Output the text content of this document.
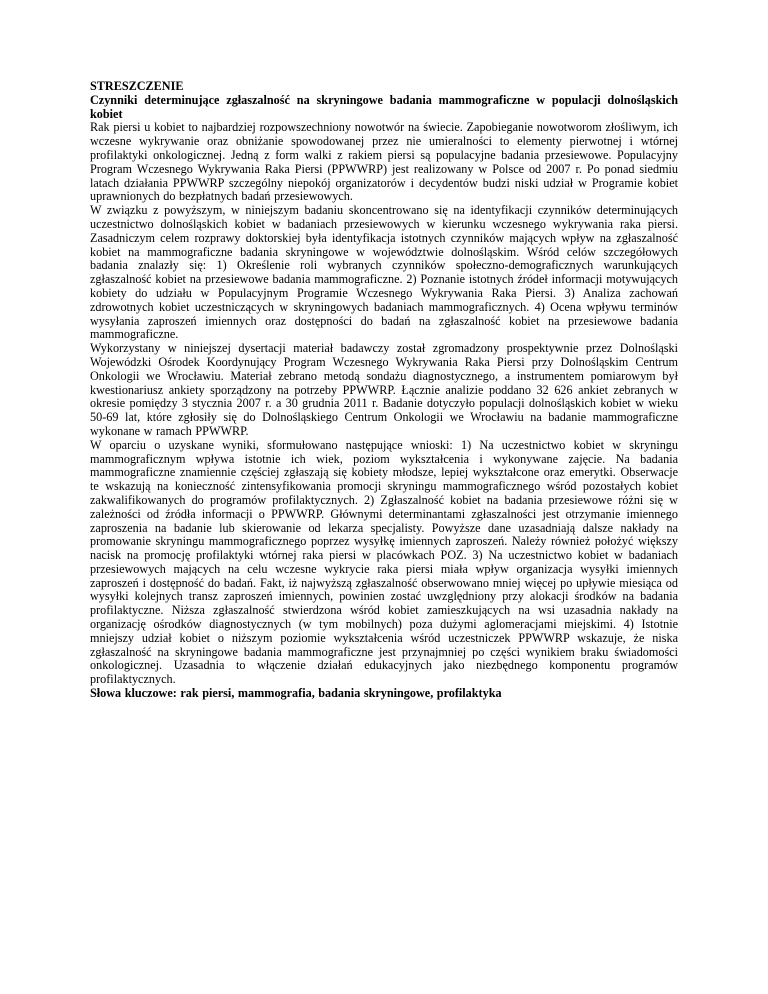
STRESZCZENIE

Czynniki determinujące zgłaszalność na skryningowe badania mammograficzne w populacji dolnośląskich kobiet

Rak piersi u kobiet to najbardziej rozpowszechniony nowotwór na świecie. Zapobieganie nowotworom złośliwym, ich wczesne wykrywanie oraz obniżanie spowodowanej przez nie umieralności to elementy pierwotnej i wtórnej profilaktyki onkologicznej. Jedną z form walki z rakiem piersi są populacyjne badania przesiewowe. Populacyjny Program Wczesnego Wykrywania Raka Piersi (PPWWRP) jest realizowany w Polsce od 2007 r. Po ponad siedmiu latach działania PPWWRP szczególny niepokój organizatorów i decydentów budzi niski udział w Programie kobiet uprawnionych do bezpłatnych badań przesiewowych.

W związku z powyższym, w niniejszym badaniu skoncentrowano się na identyfikacji czynników determinujących uczestnictwo dolnośląskich kobiet w badaniach przesiewowych w kierunku wczesnego wykrywania raka piersi. Zasadniczym celem rozprawy doktorskiej była identyfikacja istotnych czynników mających wpływ na zgłaszalność kobiet na mammograficzne badania skryningowe w województwie dolnośląskim. Wśród celów szczegółowych badania znalazły się: 1) Określenie roli wybranych czynników społeczno-demograficznych warunkujących zgłaszalność kobiet na przesiewowe badania mammograficzne. 2) Poznanie istotnych źródeł informacji motywujących kobiety do udziału w Populacyjnym Programie Wczesnego Wykrywania Raka Piersi. 3) Analiza zachowań zdrowotnych kobiet uczestniczących w skryningowych badaniach mammograficznych. 4) Ocena wpływu terminów wysyłania zaproszeń imiennych oraz dostępności do badań na zgłaszalność kobiet na przesiewowe badania mammograficzne.

Wykorzystany w niniejszej dysertacji materiał badawczy został zgromadzony prospektywnie przez Dolnośląski Wojewódzki Ośrodek Koordynujący Program Wczesnego Wykrywania Raka Piersi przy Dolnośląskim Centrum Onkologii we Wrocławiu. Materiał zebrano metodą sondażu diagnostycznego, a instrumentem pomiarowym był kwestionariusz ankiety sporządzony na potrzeby PPWWRP. Łącznie analizie poddano 32 626 ankiet zebranych w okresie pomiędzy 3 stycznia 2007 r. a 30 grudnia 2011 r. Badanie dotyczyło populacji dolnośląskich kobiet w wieku 50-69 lat, które zgłosiły się do Dolnośląskiego Centrum Onkologii we Wrocławiu na badanie mammograficzne wykonane w ramach PPWWRP.

W oparciu o uzyskane wyniki, sformułowano następujące wnioski: 1) Na uczestnictwo kobiet w skryningu mammograficznym wpływa istotnie ich wiek, poziom wykształcenia i wykonywane zajęcie. Na badania mammograficzne znamiennie częściej zgłaszają się kobiety młodsze, lepiej wykształcone oraz emerytki. Obserwacje te wskazują na konieczność zintensyfikowania promocji skryningu mammograficznego wśród pozostałych kobiet zakwalifikowanych do programów profilaktycznych. 2) Zgłaszalność kobiet na badania przesiewowe różni się w zależności od źródła informacji o PPWWRP. Głównymi determinantami zgłaszalności jest otrzymanie imiennego zaproszenia na badanie lub skierowanie od lekarza specjalisty. Powyższe dane uzasadniają dalsze nakłady na promowanie skryningu mammograficznego poprzez wysyłkę imiennych zaproszeń. Należy również położyć większy nacisk na promocję profilaktyki wtórnej raka piersi w placówkach POZ. 3) Na uczestnictwo kobiet w badaniach przesiewowych mających na celu wczesne wykrycie raka piersi miała wpływ organizacja wysyłki imiennych zaproszeń i dostępność do badań. Fakt, iż najwyższą zgłaszalność obserwowano mniej więcej po upływie miesiąca od wysyłki kolejnych transz zaproszeń imiennych, powinien zostać uwzględniony przy alokacji środków na badania profilaktyczne. Niższa zgłaszalność stwierdzona wśród kobiet zamieszkujących na wsi uzasadnia nakłady na organizację ośrodków diagnostycznych (w tym mobilnych) poza dużymi aglomeracjami miejskimi. 4) Istotnie mniejszy udział kobiet o niższym poziomie wykształcenia wśród uczestniczek PPWWRP wskazuje, że niska zgłaszalność na skryningowe badania mammograficzne jest przynajmniej po części wynikiem braku świadomości onkologicznej. Uzasadnia to włączenie działań edukacyjnych jako niezbędnego komponentu programów profilaktycznych.

Słowa kluczowe: rak piersi, mammografia, badania skryningowe, profilaktyka
